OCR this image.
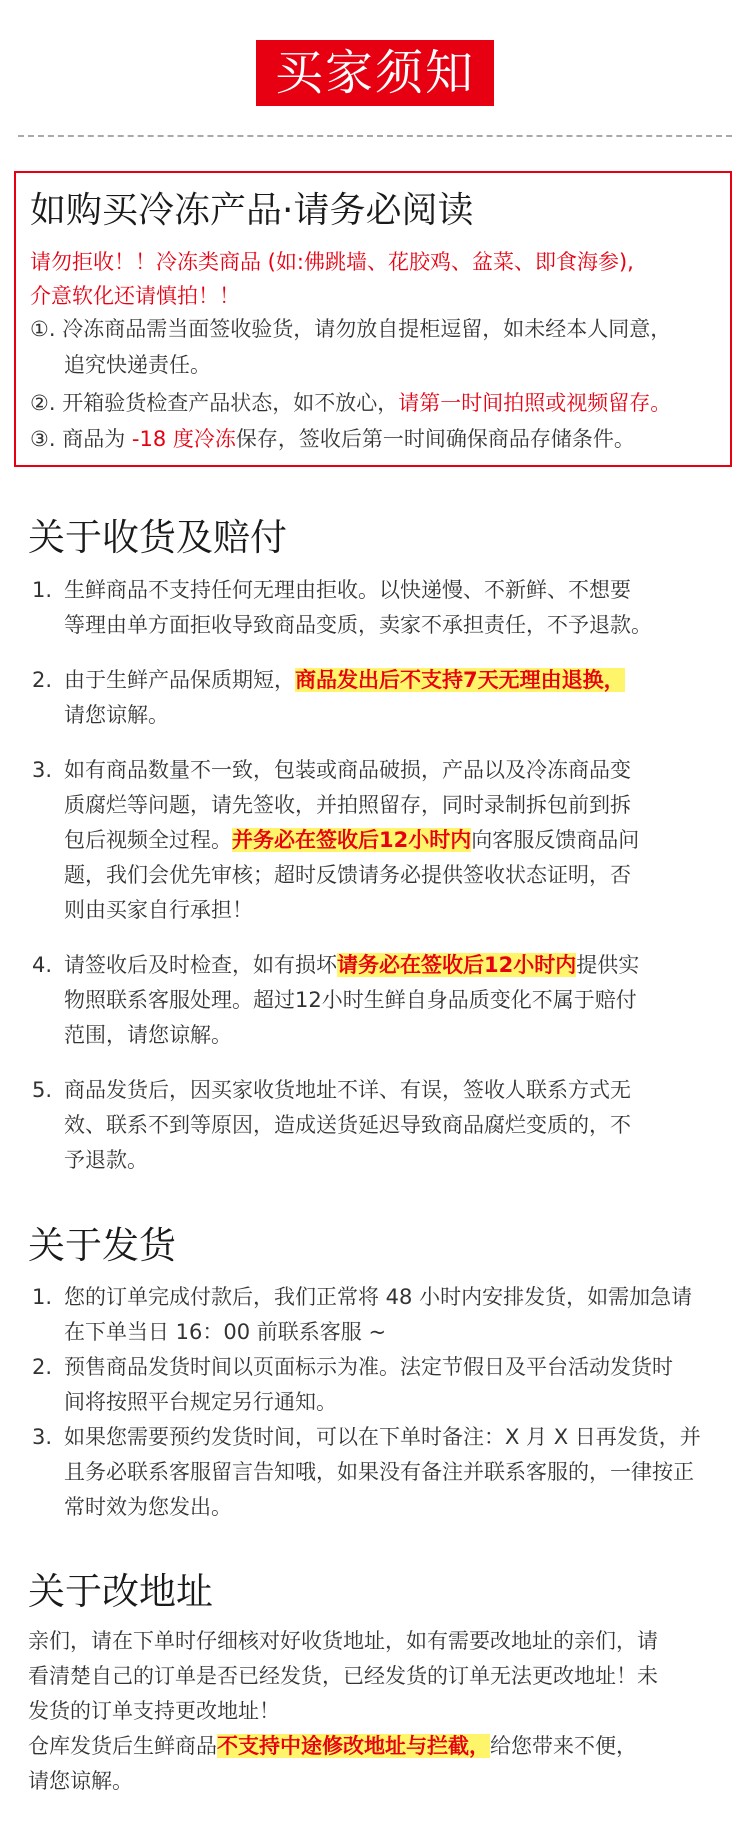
买家须知
如购买冷冻产品·请务必阅读
请勿拒收！！冷冻类商品 (如:佛跳墙、花胶鸡、盆菜、即食海参),
介意软化还请慎拍！！
①. 冷冻商品需当面签收验货，请勿放自提柜逗留，如未经本人同意，
追究快递责任。
②. 开箱验货检查产品状态，如不放心，请第一时间拍照或视频留存。
③. 商品为 -18 度冷冻保存，签收后第一时间确保商品存储条件。
关于收货及赔付
1. 生鲜商品不支持任何无理由拒收。以快递慢、不新鲜、不想要
等理由单方面拒收导致商品变质，卖家不承担责任，不予退款。
2. 由于生鲜产品保质期短，商品发出后不支持7天无理由退换，
请您谅解。
3. 如有商品数量不一致，包装或商品破损，产品以及冷冻商品变
质腐烂等问题，请先签收，并拍照留存，同时录制拆包前到拆
包后视频全过程。并务必在签收后12小时内向客服反馈商品问
题，我们会优先审核；超时反馈请务必提供签收状态证明，否
则由买家自行承担！
4. 请签收后及时检查，如有损坏请务必在签收后12小时内提供实
物照联系客服处理。超过12小时生鲜自身品质变化不属于赔付
范围，请您谅解。
5. 商品发货后，因买家收货地址不详、有误，签收人联系方式无
效、联系不到等原因，造成送货延迟导致商品腐烂变质的，不
予退款。
关于发货
1. 您的订单完成付款后，我们正常将 48 小时内安排发货，如需加急请
在下单当日 16：00 前联系客服 ~
2. 预售商品发货时间以页面标示为准。法定节假日及平台活动发货时
间将按照平台规定另行通知。
3. 如果您需要预约发货时间，可以在下单时备注：X 月 X 日再发货，并
且务必联系客服留言告知哦，如果没有备注并联系客服的，一律按正
常时效为您发出。
关于改地址
亲们，请在下单时仔细核对好收货地址，如有需要改地址的亲们，请
看清楚自己的订单是否已经发货，已经发货的订单无法更改地址！未
发货的订单支持更改地址！
仓库发货后生鲜商品不支持中途修改地址与拦截，给您带来不便，
请您谅解。
